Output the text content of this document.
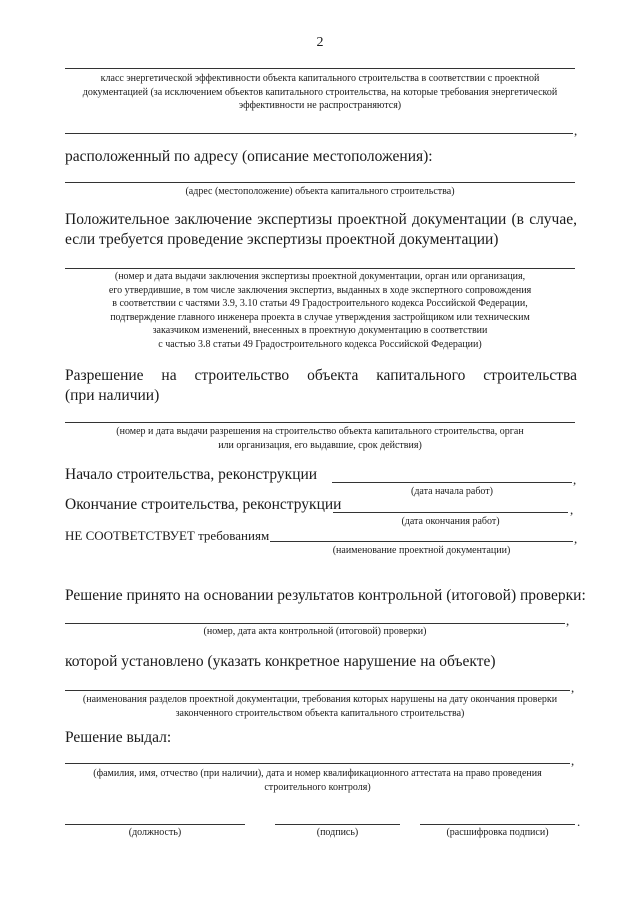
2
класс энергетической эффективности объекта капитального строительства в соответствии с проектной
документацией (за исключением объектов капитального строительства, на которые требования энергетической
эффективности не распространяются)
,
расположенный по адресу (описание местоположения):
(адрес (местоположение) объекта капитального строительства)
Положительное заключение экспертизы проектной документации (в случае,
если требуется проведение экспертизы проектной документации)
(номер и дата выдачи заключения экспертизы проектной документации, орган или организация,
его утвердившие, в том числе заключения экспертиз, выданных в ходе экспертного сопровождения
в соответствии с частями 3.9, 3.10 статьи 49 Градостроительного кодекса Российской Федерации,
подтверждение главного инженера проекта в случае утверждения застройщиком или техническим
заказчиком изменений, внесенных в проектную документацию в соответствии
с частью 3.8 статьи 49 Градостроительного кодекса Российской Федерации)
Разрешение на строительство объекта капитального строительства
(при наличии)
(номер и дата выдачи разрешения на строительство объекта капитального строительства, орган
или организация, его выдавшие, срок действия)
Начало строительства, реконструкции	,
(дата начала работ)
Окончание строительства, реконструкции	,
(дата окончания работ)
НЕ СООТВЕТСТВУЕТ требованиям	,
(наименование проектной документации)
Решение принято на основании результатов контрольной (итоговой) проверки:
,
(номер, дата акта контрольной (итоговой) проверки)
которой установлено (указать конкретное нарушение на объекте)
,
(наименования разделов проектной документации, требования которых нарушены на дату окончания проверки
законченного строительством объекта капитального строительства)
Решение выдал:
,
(фамилия, имя, отчество (при наличии), дата и номер квалификационного аттестата на право проведения
строительного контроля)
(должность)	(подпись)	(расшифровка подписи)
.
